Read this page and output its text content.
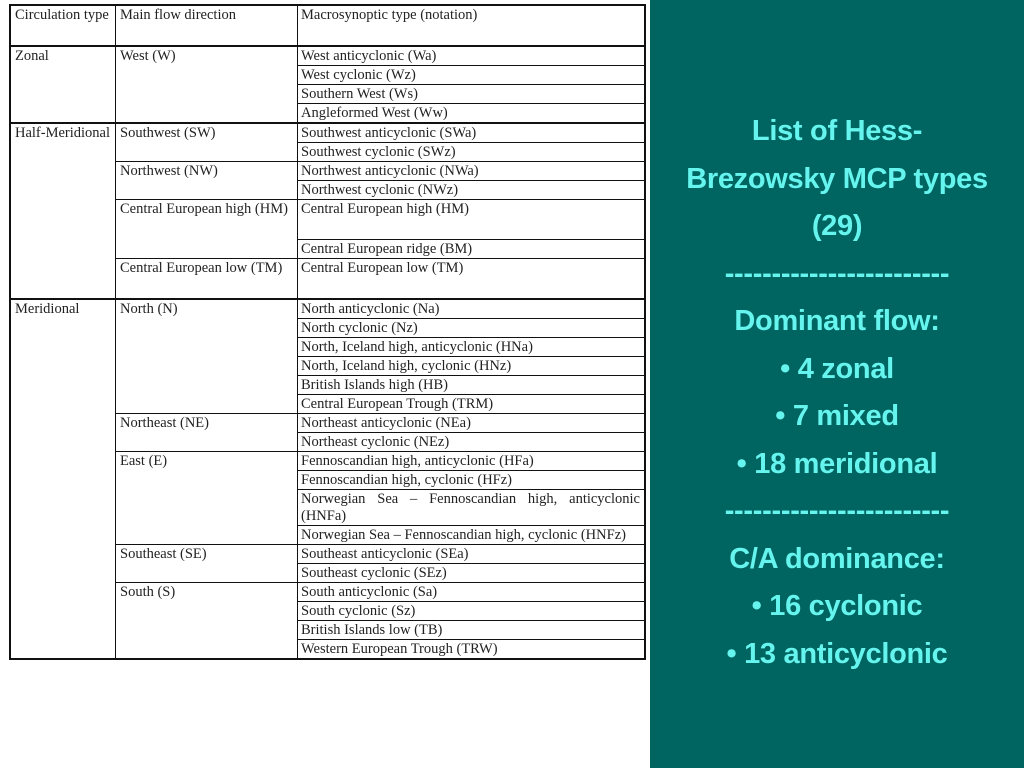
Circulation type	Main flow direction	Macrosynoptic type (notation)
Zonal	West (W)	West anticyclonic (Wa)
		West cyclonic (Wz)
		Southern West (Ws)
		Angleformed West (Ww)
Half-Meridional	Southwest (SW)	Southwest anticyclonic (SWa)
		Southwest cyclonic (SWz)
	Northwest (NW)	Northwest anticyclonic (NWa)
		Northwest cyclonic (NWz)
	Central European high (HM)	Central European high (HM)
		Central European ridge (BM)
	Central European low (TM)	Central European low (TM)
Meridional	North (N)	North anticyclonic (Na)
		North cyclonic (Nz)
		North, Iceland high, anticyclonic (HNa)
		North, Iceland high, cyclonic (HNz)
		British Islands high (HB)
		Central European Trough (TRM)
	Northeast (NE)	Northeast anticyclonic (NEa)
		Northeast cyclonic (NEz)
	East (E)	Fennoscandian high, anticyclonic (HFa)
		Fennoscandian high, cyclonic (HFz)
		Norwegian Sea – Fennoscandian high, anticyclonic (HNFa)
		Norwegian Sea – Fennoscandian high, cyclonic (HNFz)
	Southeast (SE)	Southeast anticyclonic (SEa)
		Southeast cyclonic (SEz)
	South (S)	South anticyclonic (Sa)
		South cyclonic (Sz)
		British Islands low (TB)
		Western European Trough (TRW)
List of Hess-
Brezowsky MCP types
(29)
------------------------
Dominant flow:
• 4 zonal
• 7 mixed
• 18 meridional
------------------------
C/A dominance:
• 16 cyclonic
• 13 anticyclonic
